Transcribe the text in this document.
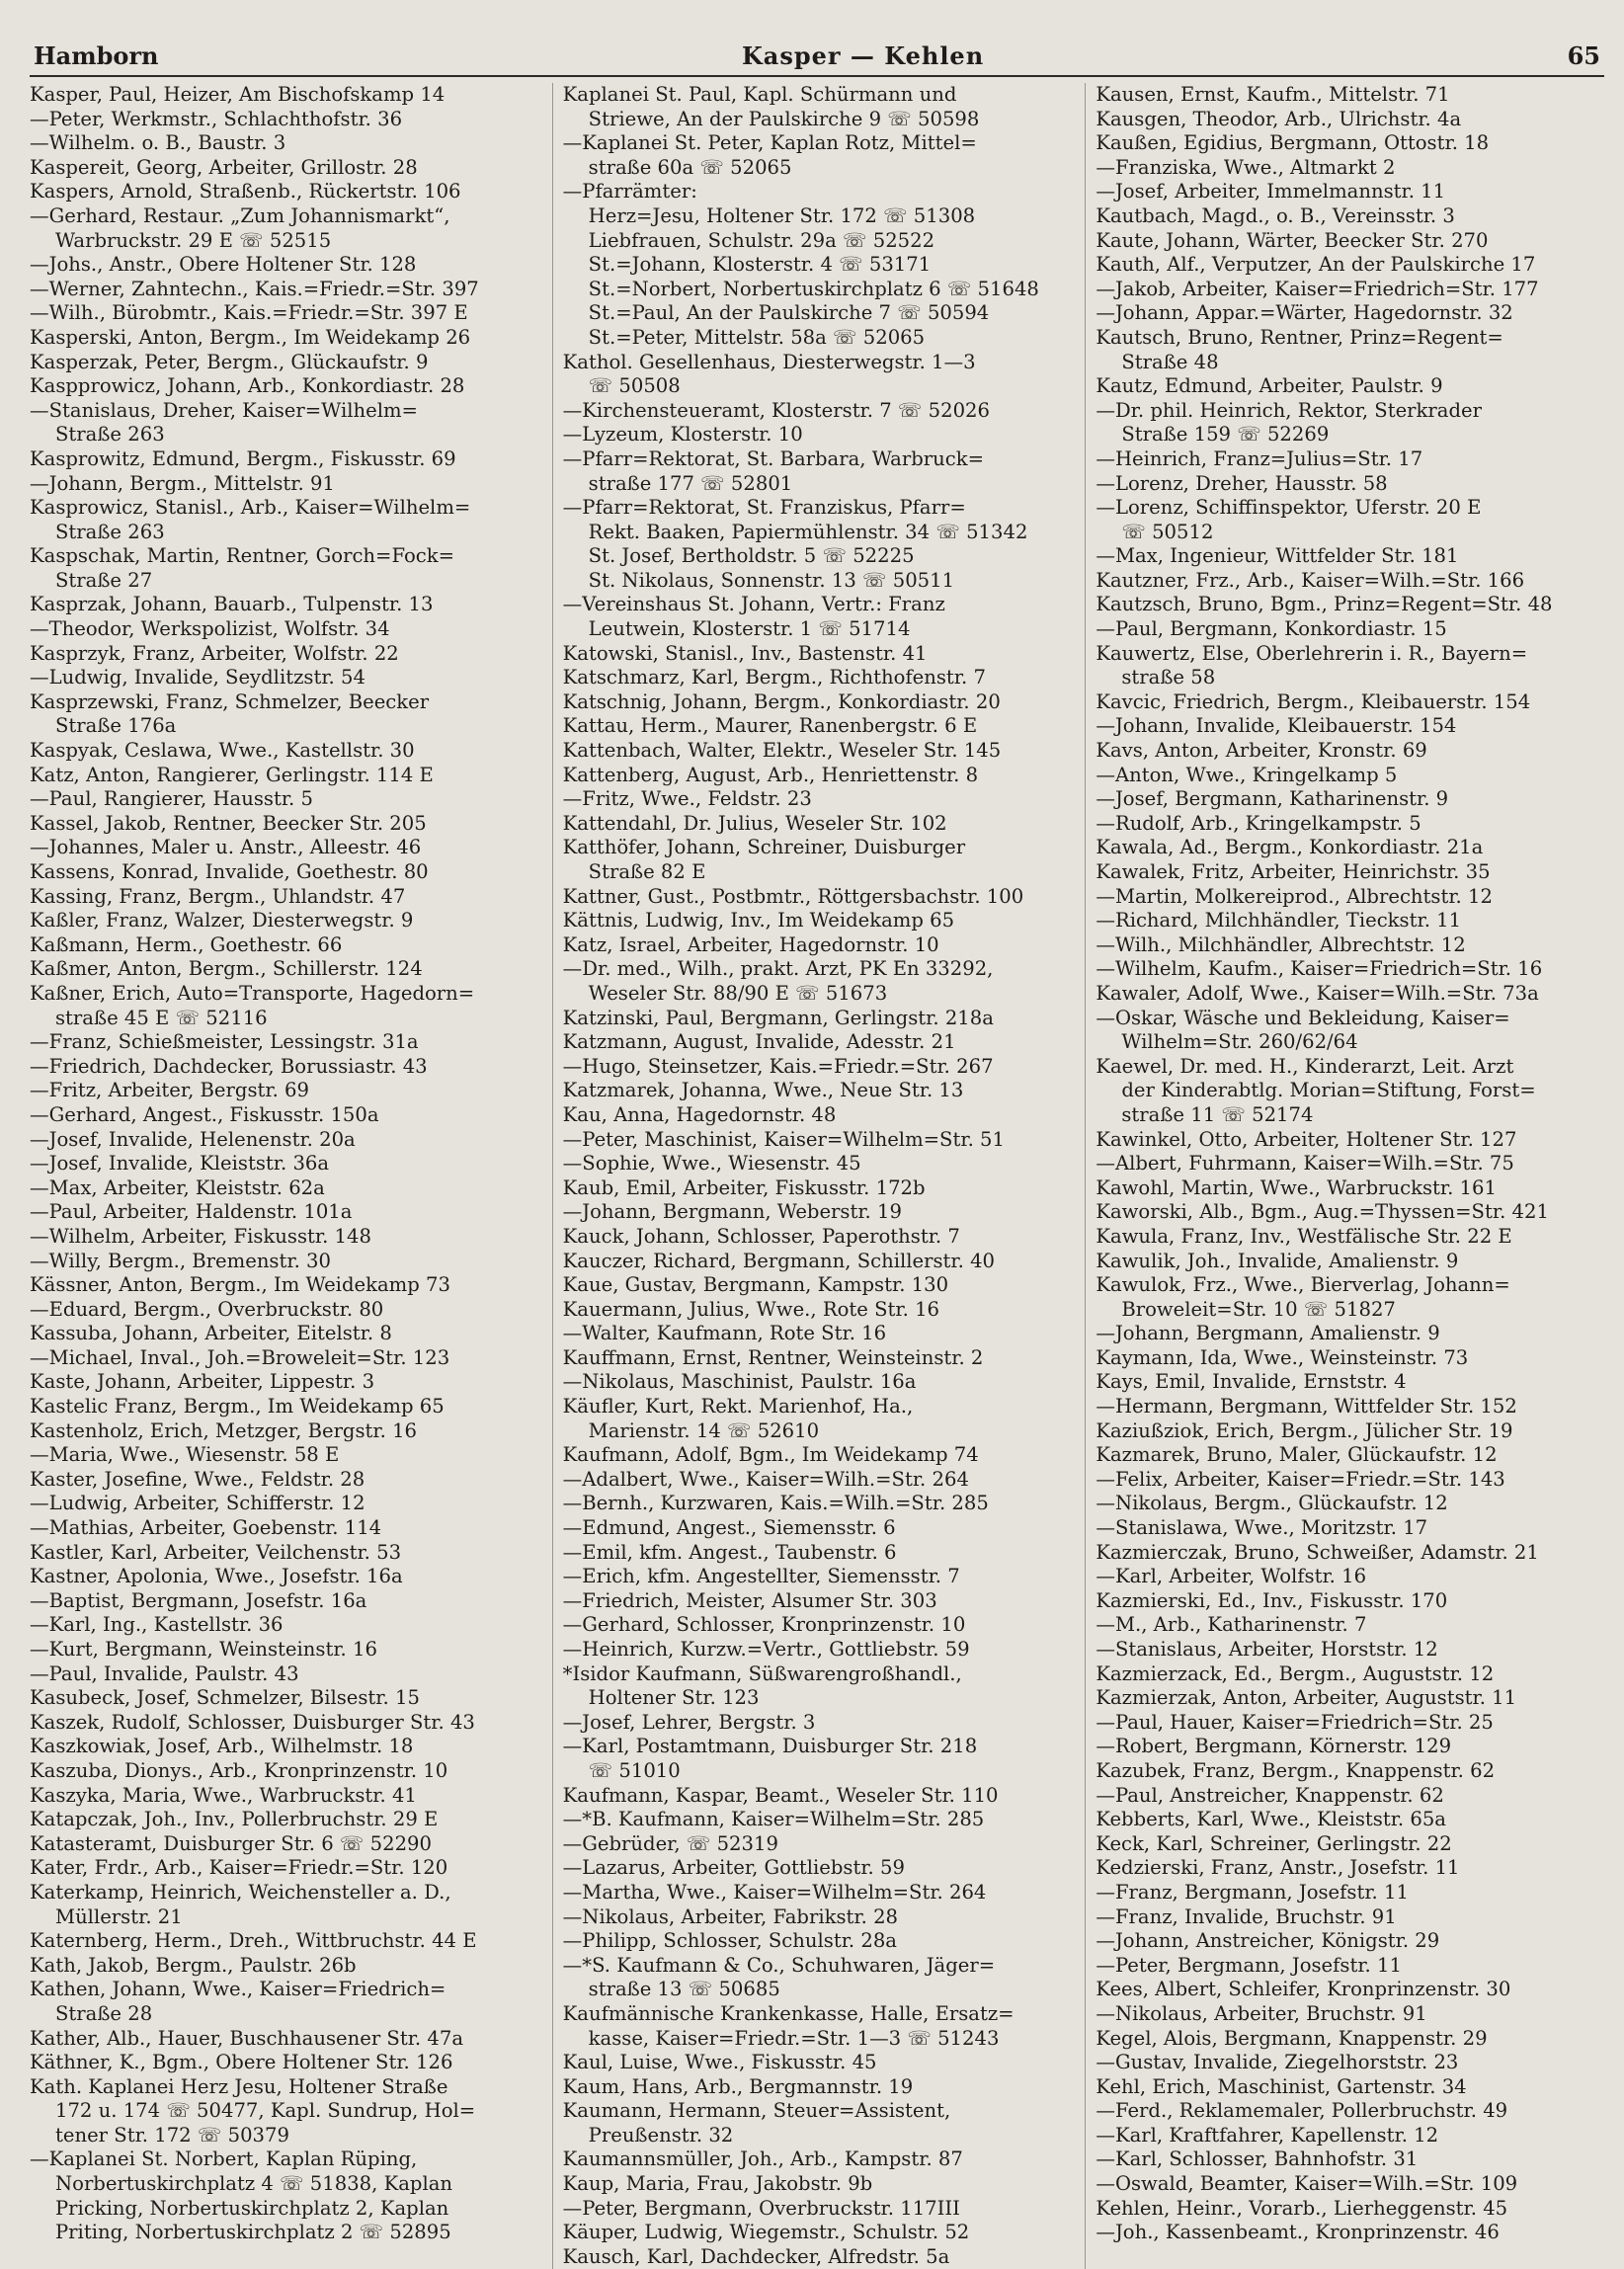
Hamborn	Kasper — Kehlen	65
Kasper, Paul, Heizer, Am Bischofskamp 14
—Peter, Werkmstr., Schlachthofstr. 36
—Wilhelm. o. B., Baustr. 3
Kaspereit, Georg, Arbeiter, Grillostr. 28
Kaspers, Arnold, Straßenb., Rückertstr. 106
—Gerhard, Restaur. „Zum Johannismarkt“,
Warbruckstr. 29 E ☏ 52515
—Johs., Anstr., Obere Holtener Str. 128
—Werner, Zahntechn., Kais.=Friedr.=Str. 397
—Wilh., Bürobmtr., Kais.=Friedr.=Str. 397 E
Kasperski, Anton, Bergm., Im Weidekamp 26
Kasperzak, Peter, Bergm., Glückaufstr. 9
Kaspprowicz, Johann, Arb., Konkordiastr. 28
—Stanislaus, Dreher, Kaiser=Wilhelm=
Straße 263
Kasprowitz, Edmund, Bergm., Fiskusstr. 69
—Johann, Bergm., Mittelstr. 91
Kasprowicz, Stanisl., Arb., Kaiser=Wilhelm=
Straße 263
Kaspschak, Martin, Rentner, Gorch=Fock=
Straße 27
Kasprzak, Johann, Bauarb., Tulpenstr. 13
—Theodor, Werkspolizist, Wolfstr. 34
Kasprzyk, Franz, Arbeiter, Wolfstr. 22
—Ludwig, Invalide, Seydlitzstr. 54
Kasprzewski, Franz, Schmelzer, Beecker
Straße 176a
Kaspyak, Ceslawa, Wwe., Kastellstr. 30
Katz, Anton, Rangierer, Gerlingstr. 114 E
—Paul, Rangierer, Hausstr. 5
Kassel, Jakob, Rentner, Beecker Str. 205
—Johannes, Maler u. Anstr., Alleestr. 46
Kassens, Konrad, Invalide, Goethestr. 80
Kassing, Franz, Bergm., Uhlandstr. 47
Kaßler, Franz, Walzer, Diesterwegstr. 9
Kaßmann, Herm., Goethestr. 66
Kaßmer, Anton, Bergm., Schillerstr. 124
Kaßner, Erich, Auto=Transporte, Hagedorn=
straße 45 E ☏ 52116
—Franz, Schießmeister, Lessingstr. 31a
—Friedrich, Dachdecker, Borussiastr. 43
—Fritz, Arbeiter, Bergstr. 69
—Gerhard, Angest., Fiskusstr. 150a
—Josef, Invalide, Helenenstr. 20a
—Josef, Invalide, Kleiststr. 36a
—Max, Arbeiter, Kleiststr. 62a
—Paul, Arbeiter, Haldenstr. 101a
—Wilhelm, Arbeiter, Fiskusstr. 148
—Willy, Bergm., Bremenstr. 30
Kässner, Anton, Bergm., Im Weidekamp 73
—Eduard, Bergm., Overbruckstr. 80
Kassuba, Johann, Arbeiter, Eitelstr. 8
—Michael, Inval., Joh.=Broweleit=Str. 123
Kaste, Johann, Arbeiter, Lippestr. 3
Kastelic Franz, Bergm., Im Weidekamp 65
Kastenholz, Erich, Metzger, Bergstr. 16
—Maria, Wwe., Wiesenstr. 58 E
Kaster, Josefine, Wwe., Feldstr. 28
—Ludwig, Arbeiter, Schifferstr. 12
—Mathias, Arbeiter, Goebenstr. 114
Kastler, Karl, Arbeiter, Veilchenstr. 53
Kastner, Apolonia, Wwe., Josefstr. 16a
—Baptist, Bergmann, Josefstr. 16a
—Karl, Ing., Kastellstr. 36
—Kurt, Bergmann, Weinsteinstr. 16
—Paul, Invalide, Paulstr. 43
Kasubeck, Josef, Schmelzer, Bilsestr. 15
Kaszek, Rudolf, Schlosser, Duisburger Str. 43
Kaszkowiak, Josef, Arb., Wilhelmstr. 18
Kaszuba, Dionys., Arb., Kronprinzenstr. 10
Kaszyka, Maria, Wwe., Warbruckstr. 41
Katapczak, Joh., Inv., Pollerbruchstr. 29 E
Katasteramt, Duisburger Str. 6 ☏ 52290
Kater, Frdr., Arb., Kaiser=Friedr.=Str. 120
Katerkamp, Heinrich, Weichensteller a. D.,
Müllerstr. 21
Katernberg, Herm., Dreh., Wittbruchstr. 44 E
Kath, Jakob, Bergm., Paulstr. 26b
Kathen, Johann, Wwe., Kaiser=Friedrich=
Straße 28
Kather, Alb., Hauer, Buschhausener Str. 47a
Käthner, K., Bgm., Obere Holtener Str. 126
Kath. Kaplanei Herz Jesu, Holtener Straße
172 u. 174 ☏ 50477, Kapl. Sundrup, Hol=
tener Str. 172 ☏ 50379
—Kaplanei St. Norbert, Kaplan Rüping,
Norbertuskirchplatz 4 ☏ 51838, Kaplan
Pricking, Norbertuskirchplatz 2, Kaplan
Priting, Norbertuskirchplatz 2 ☏ 52895
Kaplanei St. Paul, Kapl. Schürmann und
Striewe, An der Paulskirche 9 ☏ 50598
—Kaplanei St. Peter, Kaplan Rotz, Mittel=
straße 60a ☏ 52065
—Pfarrämter:
Herz=Jesu, Holtener Str. 172 ☏ 51308
Liebfrauen, Schulstr. 29a ☏ 52522
St.=Johann, Klosterstr. 4 ☏ 53171
St.=Norbert, Norbertuskirchplatz 6 ☏ 51648
St.=Paul, An der Paulskirche 7 ☏ 50594
St.=Peter, Mittelstr. 58a ☏ 52065
Kathol. Gesellenhaus, Diesterwegstr. 1—3
☏ 50508
—Kirchensteueramt, Klosterstr. 7 ☏ 52026
—Lyzeum, Klosterstr. 10
—Pfarr=Rektorat, St. Barbara, Warbruck=
straße 177 ☏ 52801
—Pfarr=Rektorat, St. Franziskus, Pfarr=
Rekt. Baaken, Papiermühlenstr. 34 ☏ 51342
St. Josef, Bertholdstr. 5 ☏ 52225
St. Nikolaus, Sonnenstr. 13 ☏ 50511
—Vereinshaus St. Johann, Vertr.: Franz
Leutwein, Klosterstr. 1 ☏ 51714
Katowski, Stanisl., Inv., Bastenstr. 41
Katschmarz, Karl, Bergm., Richthofenstr. 7
Katschnig, Johann, Bergm., Konkordiastr. 20
Kattau, Herm., Maurer, Ranenbergstr. 6 E
Kattenbach, Walter, Elektr., Weseler Str. 145
Kattenberg, August, Arb., Henriettenstr. 8
—Fritz, Wwe., Feldstr. 23
Kattendahl, Dr. Julius, Weseler Str. 102
Katthöfer, Johann, Schreiner, Duisburger
Straße 82 E
Kattner, Gust., Postbmtr., Röttgersbachstr. 100
Kättnis, Ludwig, Inv., Im Weidekamp 65
Katz, Israel, Arbeiter, Hagedornstr. 10
—Dr. med., Wilh., prakt. Arzt, PK En 33292,
Weseler Str. 88/90 E ☏ 51673
Katzinski, Paul, Bergmann, Gerlingstr. 218a
Katzmann, August, Invalide, Adesstr. 21
—Hugo, Steinsetzer, Kais.=Friedr.=Str. 267
Katzmarek, Johanna, Wwe., Neue Str. 13
Kau, Anna, Hagedornstr. 48
—Peter, Maschinist, Kaiser=Wilhelm=Str. 51
—Sophie, Wwe., Wiesenstr. 45
Kaub, Emil, Arbeiter, Fiskusstr. 172b
—Johann, Bergmann, Weberstr. 19
Kauck, Johann, Schlosser, Paperothstr. 7
Kauczer, Richard, Bergmann, Schillerstr. 40
Kaue, Gustav, Bergmann, Kampstr. 130
Kauermann, Julius, Wwe., Rote Str. 16
—Walter, Kaufmann, Rote Str. 16
Kauffmann, Ernst, Rentner, Weinsteinstr. 2
—Nikolaus, Maschinist, Paulstr. 16a
Käufler, Kurt, Rekt. Marienhof, Ha.,
Marienstr. 14 ☏ 52610
Kaufmann, Adolf, Bgm., Im Weidekamp 74
—Adalbert, Wwe., Kaiser=Wilh.=Str. 264
—Bernh., Kurzwaren, Kais.=Wilh.=Str. 285
—Edmund, Angest., Siemensstr. 6
—Emil, kfm. Angest., Taubenstr. 6
—Erich, kfm. Angestellter, Siemensstr. 7
—Friedrich, Meister, Alsumer Str. 303
—Gerhard, Schlosser, Kronprinzenstr. 10
—Heinrich, Kurzw.=Vertr., Gottliebstr. 59
*Isidor Kaufmann, Süßwarengroßhandl.,
Holtener Str. 123
—Josef, Lehrer, Bergstr. 3
—Karl, Postamtmann, Duisburger Str. 218
☏ 51010
Kaufmann, Kaspar, Beamt., Weseler Str. 110
—*B. Kaufmann, Kaiser=Wilhelm=Str. 285
—Gebrüder, ☏ 52319
—Lazarus, Arbeiter, Gottliebstr. 59
—Martha, Wwe., Kaiser=Wilhelm=Str. 264
—Nikolaus, Arbeiter, Fabrikstr. 28
—Philipp, Schlosser, Schulstr. 28a
—*S. Kaufmann & Co., Schuhwaren, Jäger=
straße 13 ☏ 50685
Kaufmännische Krankenkasse, Halle, Ersatz=
kasse, Kaiser=Friedr.=Str. 1—3 ☏ 51243
Kaul, Luise, Wwe., Fiskusstr. 45
Kaum, Hans, Arb., Bergmannstr. 19
Kaumann, Hermann, Steuer=Assistent,
Preußenstr. 32
Kaumannsmüller, Joh., Arb., Kampstr. 87
Kaup, Maria, Frau, Jakobstr. 9b
—Peter, Bergmann, Overbruckstr. 117III
Käuper, Ludwig, Wiegemstr., Schulstr. 52
Kausch, Karl, Dachdecker, Alfredstr. 5a
Kausen, Ernst, Kaufm., Mittelstr. 71
Kausgen, Theodor, Arb., Ulrichstr. 4a
Kaußen, Egidius, Bergmann, Ottostr. 18
—Franziska, Wwe., Altmarkt 2
—Josef, Arbeiter, Immelmannstr. 11
Kautbach, Magd., o. B., Vereinsstr. 3
Kaute, Johann, Wärter, Beecker Str. 270
Kauth, Alf., Verputzer, An der Paulskirche 17
—Jakob, Arbeiter, Kaiser=Friedrich=Str. 177
—Johann, Appar.=Wärter, Hagedornstr. 32
Kautsch, Bruno, Rentner, Prinz=Regent=
Straße 48
Kautz, Edmund, Arbeiter, Paulstr. 9
—Dr. phil. Heinrich, Rektor, Sterkrader
Straße 159 ☏ 52269
—Heinrich, Franz=Julius=Str. 17
—Lorenz, Dreher, Hausstr. 58
—Lorenz, Schiffinspektor, Uferstr. 20 E
☏ 50512
—Max, Ingenieur, Wittfelder Str. 181
Kautzner, Frz., Arb., Kaiser=Wilh.=Str. 166
Kautzsch, Bruno, Bgm., Prinz=Regent=Str. 48
—Paul, Bergmann, Konkordiastr. 15
Kauwertz, Else, Oberlehrerin i. R., Bayern=
straße 58
Kavcic, Friedrich, Bergm., Kleibauerstr. 154
—Johann, Invalide, Kleibauerstr. 154
Kavs, Anton, Arbeiter, Kronstr. 69
—Anton, Wwe., Kringelkamp 5
—Josef, Bergmann, Katharinenstr. 9
—Rudolf, Arb., Kringelkampstr. 5
Kawala, Ad., Bergm., Konkordiastr. 21a
Kawalek, Fritz, Arbeiter, Heinrichstr. 35
—Martin, Molkereiprod., Albrechtstr. 12
—Richard, Milchhändler, Tieckstr. 11
—Wilh., Milchhändler, Albrechtstr. 12
—Wilhelm, Kaufm., Kaiser=Friedrich=Str. 16
Kawaler, Adolf, Wwe., Kaiser=Wilh.=Str. 73a
—Oskar, Wäsche und Bekleidung, Kaiser=
Wilhelm=Str. 260/62/64
Kaewel, Dr. med. H., Kinderarzt, Leit. Arzt
der Kinderabtlg. Morian=Stiftung, Forst=
straße 11 ☏ 52174
Kawinkel, Otto, Arbeiter, Holtener Str. 127
—Albert, Fuhrmann, Kaiser=Wilh.=Str. 75
Kawohl, Martin, Wwe., Warbruckstr. 161
Kaworski, Alb., Bgm., Aug.=Thyssen=Str. 421
Kawula, Franz, Inv., Westfälische Str. 22 E
Kawulik, Joh., Invalide, Amalienstr. 9
Kawulok, Frz., Wwe., Bierverlag, Johann=
Broweleit=Str. 10 ☏ 51827
—Johann, Bergmann, Amalienstr. 9
Kaymann, Ida, Wwe., Weinsteinstr. 73
Kays, Emil, Invalide, Ernststr. 4
—Hermann, Bergmann, Wittfelder Str. 152
Kaziußziok, Erich, Bergm., Jülicher Str. 19
Kazmarek, Bruno, Maler, Glückaufstr. 12
—Felix, Arbeiter, Kaiser=Friedr.=Str. 143
—Nikolaus, Bergm., Glückaufstr. 12
—Stanislawa, Wwe., Moritzstr. 17
Kazmierczak, Bruno, Schweißer, Adamstr. 21
—Karl, Arbeiter, Wolfstr. 16
Kazmierski, Ed., Inv., Fiskusstr. 170
—M., Arb., Katharinenstr. 7
—Stanislaus, Arbeiter, Horststr. 12
Kazmierzack, Ed., Bergm., Auguststr. 12
Kazmierzak, Anton, Arbeiter, Auguststr. 11
—Paul, Hauer, Kaiser=Friedrich=Str. 25
—Robert, Bergmann, Körnerstr. 129
Kazubek, Franz, Bergm., Knappenstr. 62
—Paul, Anstreicher, Knappenstr. 62
Kebberts, Karl, Wwe., Kleiststr. 65a
Keck, Karl, Schreiner, Gerlingstr. 22
Kedzierski, Franz, Anstr., Josefstr. 11
—Franz, Bergmann, Josefstr. 11
—Franz, Invalide, Bruchstr. 91
—Johann, Anstreicher, Königstr. 29
—Peter, Bergmann, Josefstr. 11
Kees, Albert, Schleifer, Kronprinzenstr. 30
—Nikolaus, Arbeiter, Bruchstr. 91
Kegel, Alois, Bergmann, Knappenstr. 29
—Gustav, Invalide, Ziegelhorststr. 23
Kehl, Erich, Maschinist, Gartenstr. 34
—Ferd., Reklamemaler, Pollerbruchstr. 49
—Karl, Kraftfahrer, Kapellenstr. 12
—Karl, Schlosser, Bahnhofstr. 31
—Oswald, Beamter, Kaiser=Wilh.=Str. 109
Kehlen, Heinr., Vorarb., Lierheggenstr. 45
—Joh., Kassenbeamt., Kronprinzenstr. 46
